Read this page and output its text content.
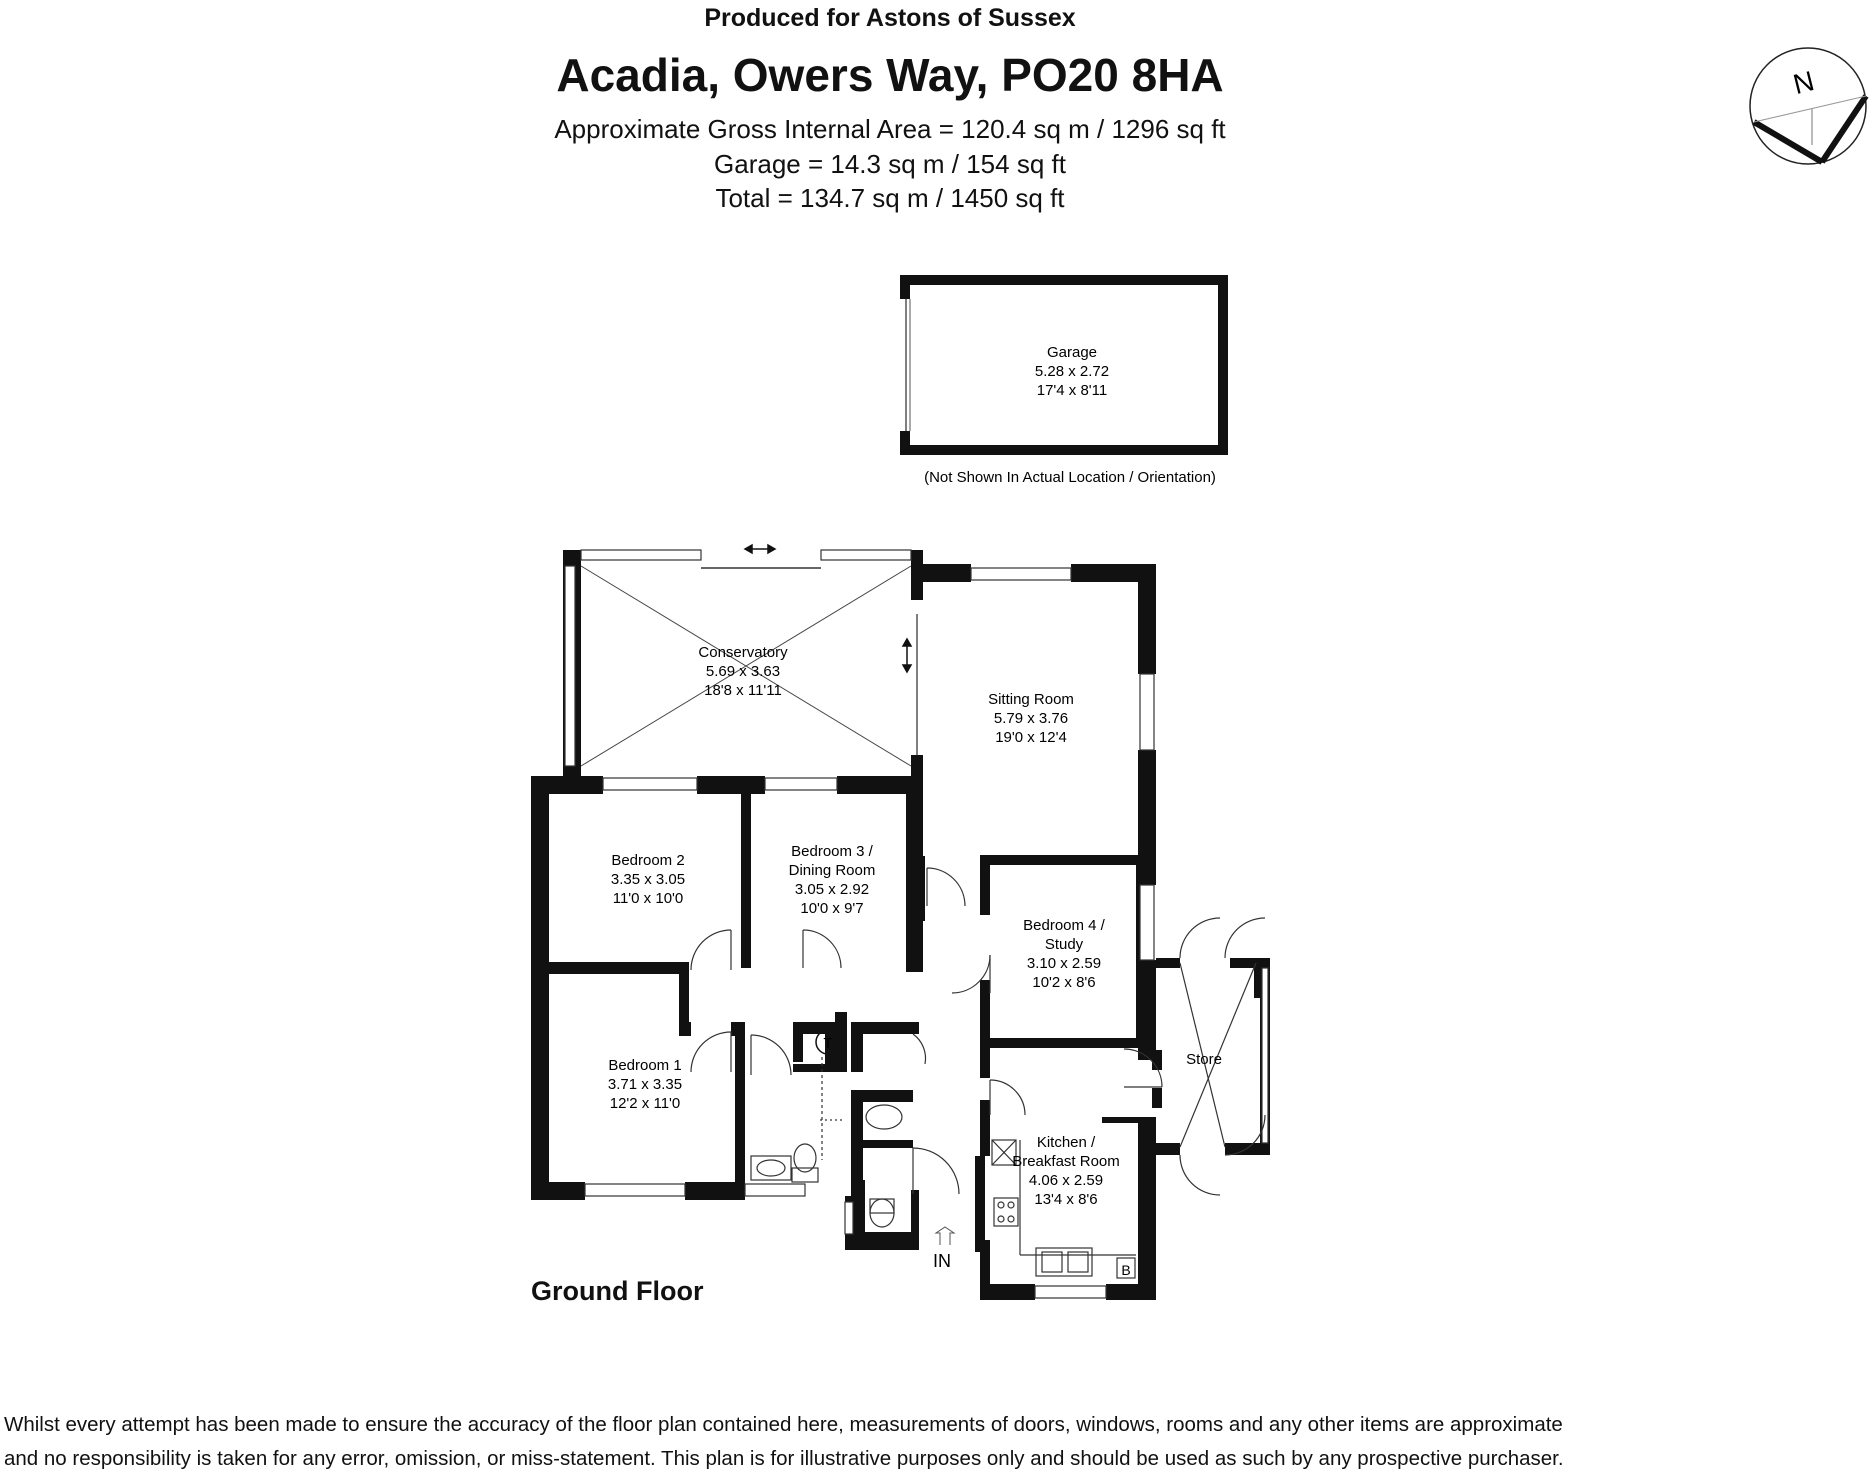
Produced for Astons of Sussex
Acadia, Owers Way, PO20 8HA
Approximate Gross Internal Area = 120.4 sq m / 1296 sq ft
Garage = 14.3 sq m / 154 sq ft
Total = 134.7 sq m / 1450 sq ft
N
Garage
5.28 x 2.72
17'4 x 8'11
(Not Shown In Actual Location / Orientation)
T
B
IN
Conservatory
5.69 x 3.63
18'8 x 11'11
Sitting Room
5.79 x 3.76
19'0 x 12'4
Bedroom 2
3.35 x 3.05
11'0 x 10'0
Bedroom 3 /
Dining Room
3.05 x 2.92
10'0 x 9'7
Bedroom 4 /
Study
3.10 x 2.59
10'2 x 8'6
Bedroom 1
3.71 x 3.35
12'2 x 11'0
Kitchen /
Breakfast Room
4.06 x 2.59
13'4 x 8'6
Store
Ground Floor
Whilst every attempt has been made to ensure the accuracy of the floor plan contained here, measurements of doors, windows, rooms and any other items are approximate
and no responsibility is taken for any error, omission, or miss-statement. This plan is for illustrative purposes only and should be used as such by any prospective purchaser.
